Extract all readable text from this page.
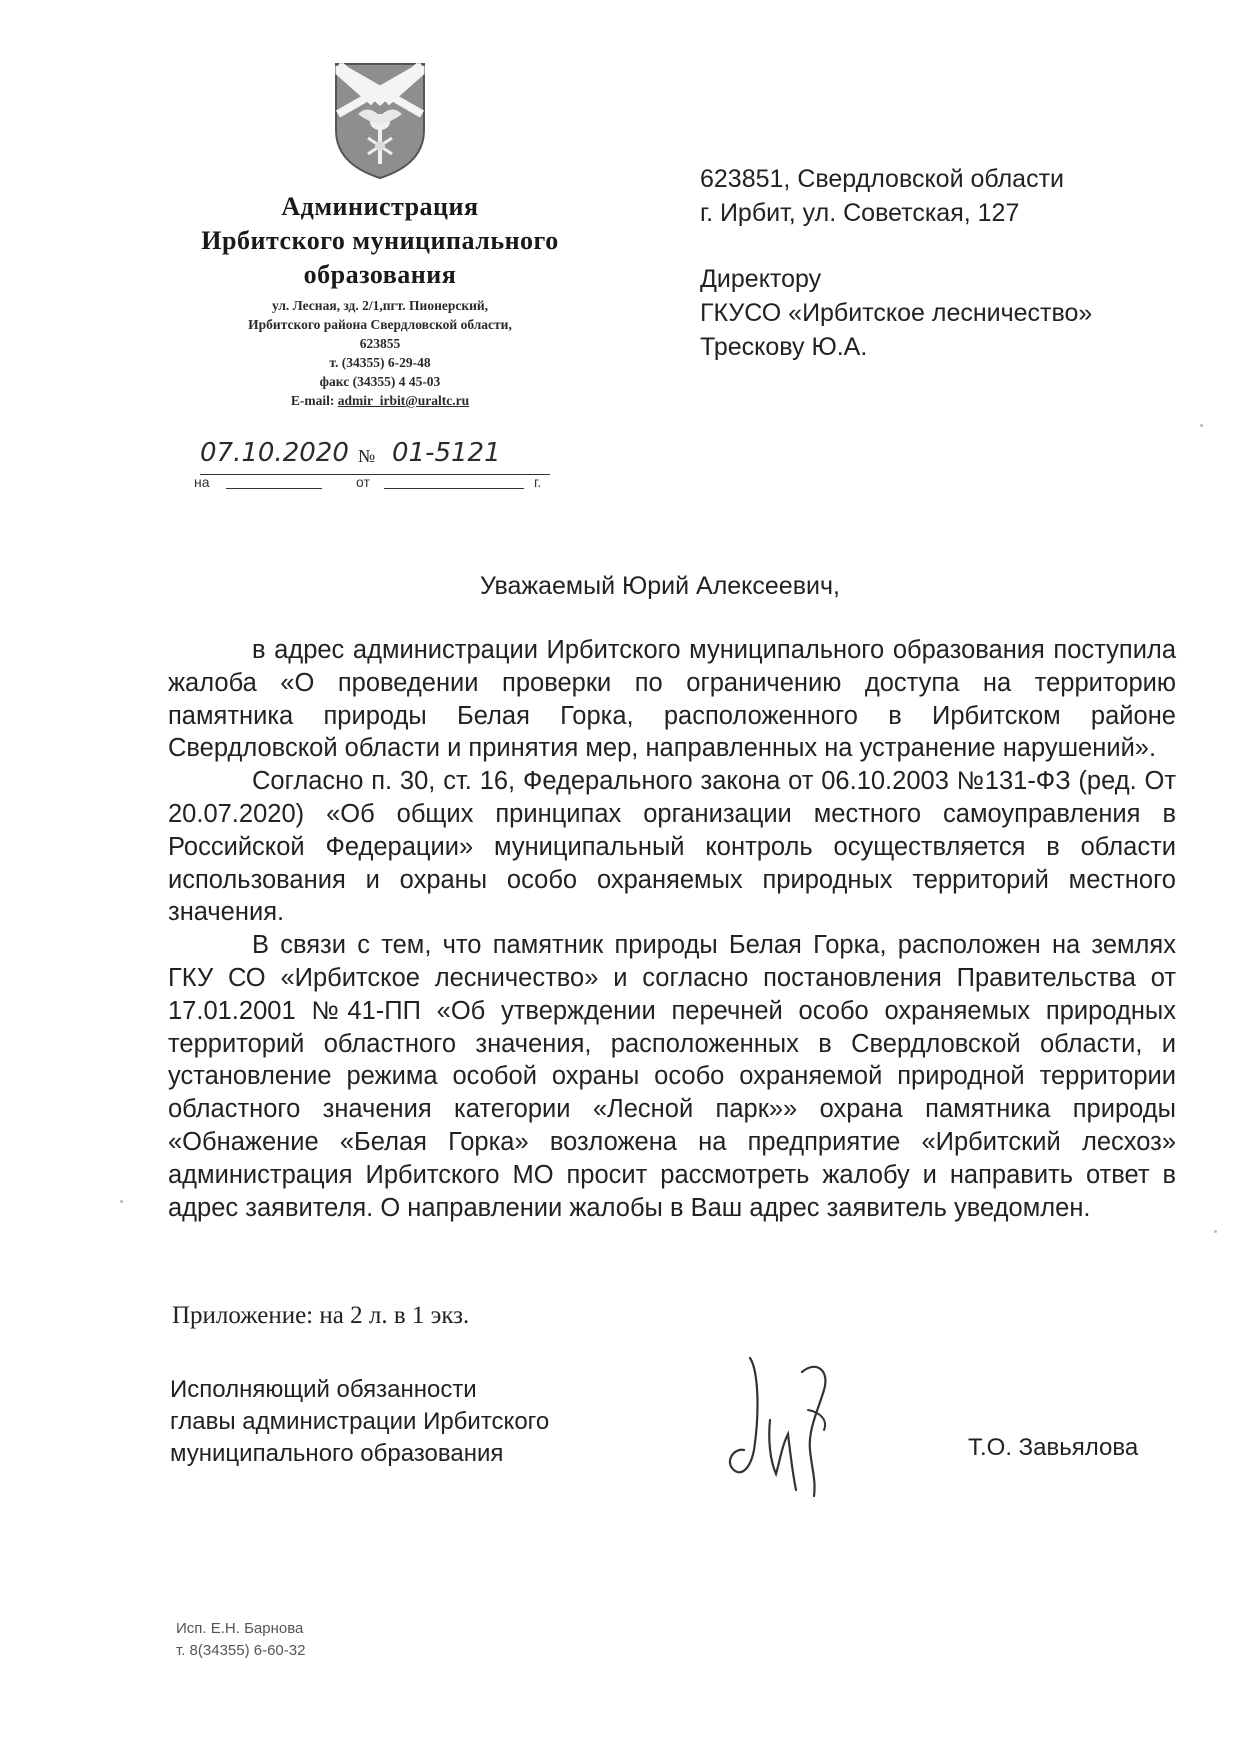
Администрация
Ирбитского муниципального
образования
ул. Лесная, зд. 2/1,пгт. Пионерский,
Ирбитского района Свердловской области,
623855
т. (34355) 6-29-48
факс (34355) 4 45-03
E-mail: admir_irbit@uraltc.ru
07.10.2020 № 01-5121
на	от	г.
623851, Свердловской области
г. Ирбит, ул. Советская, 127
Директору
ГКУСО «Ирбитское лесничество»
Трескову Ю.А.
Уважаемый Юрий Алексеевич,

в адрес администрации Ирбитского муниципального образования поступила жалоба «О проведении проверки по ограничению доступа на территорию памятника природы Белая Горка, расположенного в Ирбитском районе Свердловской области и принятия мер, направленных на устранение нарушений».

Согласно п. 30, ст. 16, Федерального закона от 06.10.2003 №131-ФЗ (ред. От 20.07.2020) «Об общих принципах организации местного самоуправления в Российской Федерации» муниципальный контроль осуществляется в области использования и охраны особо охраняемых природных территорий местного значения.

В связи с тем, что памятник природы Белая Горка, расположен на землях ГКУ СО «Ирбитское лесничество» и согласно постановления Правительства от 17.01.2001 №41-ПП «Об утверждении перечней особо охраняемых природных территорий областного значения, расположенных в Свердловской области, и установление режима особой охраны особо охраняемой природной территории областного значения категории «Лесной парк»» охрана памятника природы «Обнажение «Белая Горка» возложена на предприятие «Ирбитский лесхоз» администрация Ирбитского МО просит рассмотреть жалобу и направить ответ в адрес заявителя. О направлении жалобы в Ваш адрес заявитель уведомлен.

Приложение: на 2 л. в 1 экз.
Исполняющий обязанности
главы администрации Ирбитского
муниципального образования	Т.О. Завьялова
Исп. Е.Н. Барнова
т. 8(34355) 6-60-32
